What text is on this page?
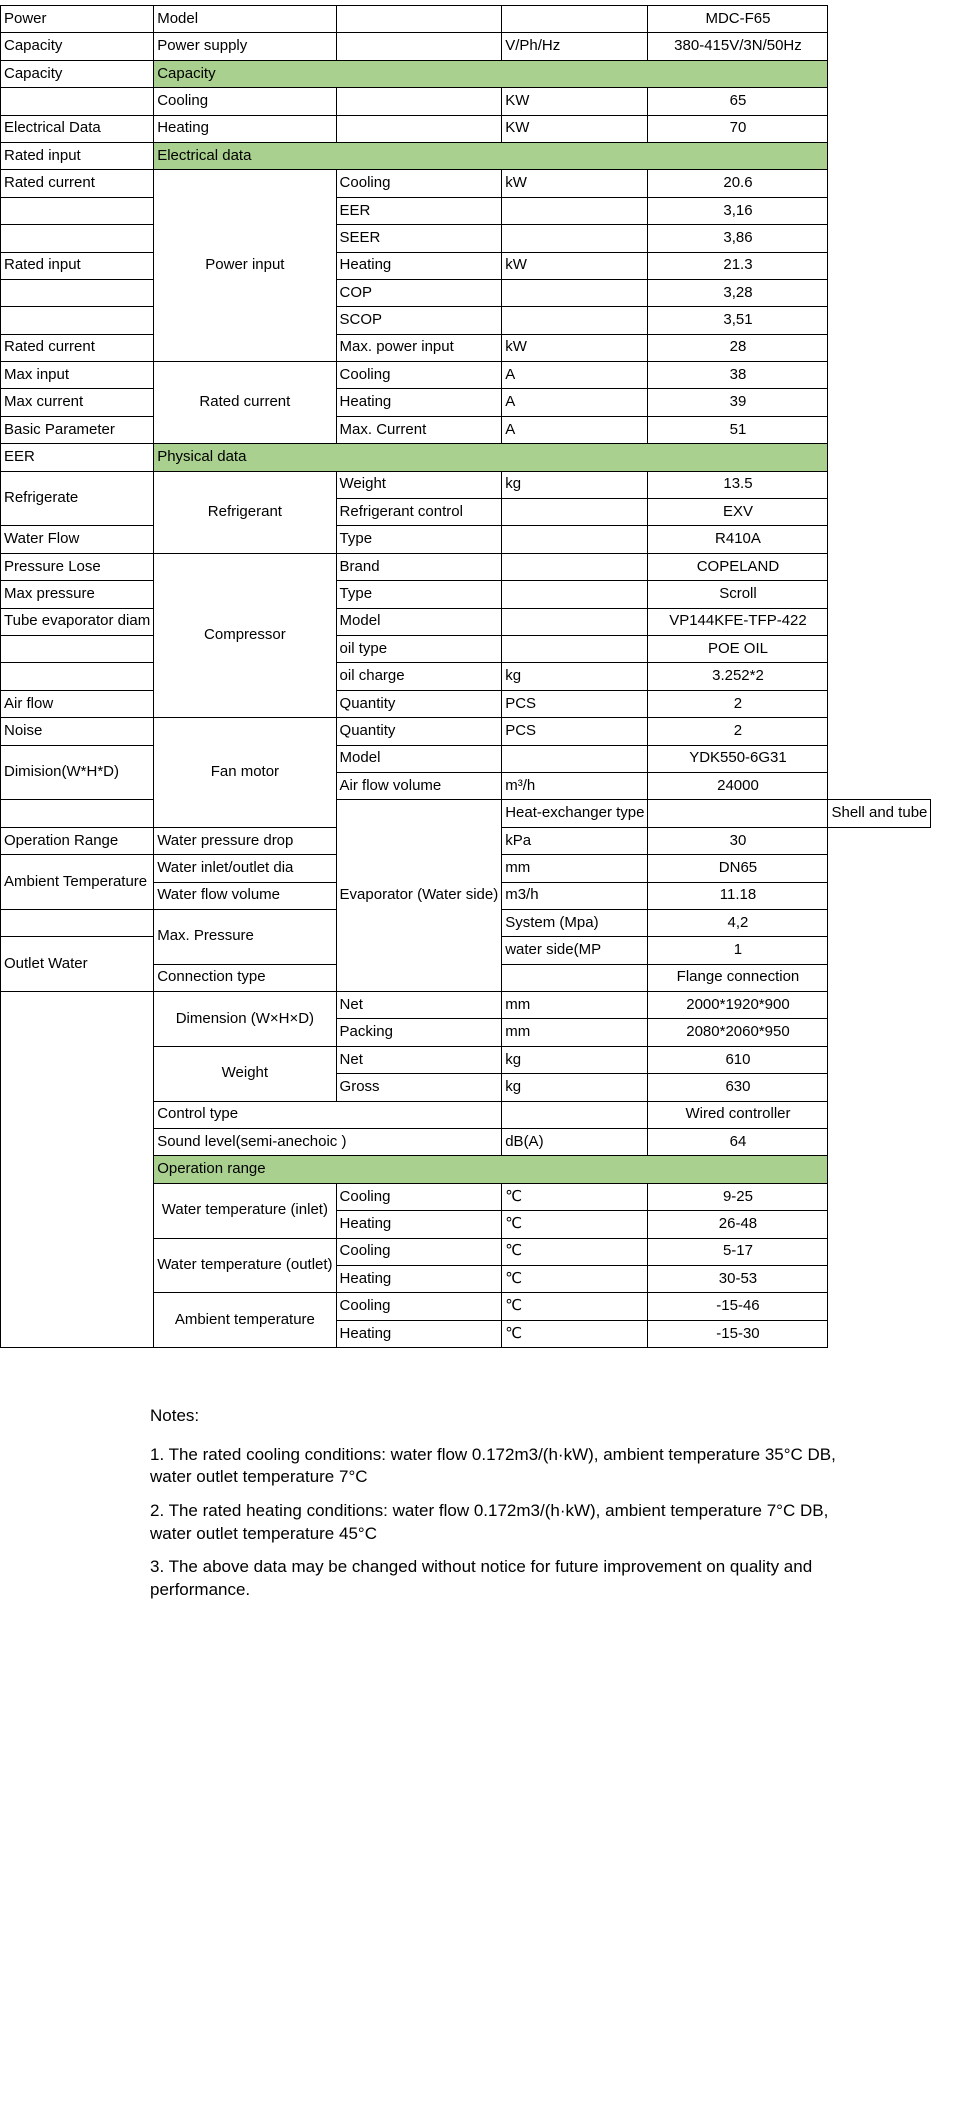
Power	Model			MDC-F65	
Capacity	Power supply		V/Ph/Hz	380-415V/3N/50Hz	
Capacity	Capacity				
	Cooling		KW	65	
Electrical Data	Heating		KW	70	
Rated input	Electrical data				
Rated current	Power input	Cooling	kW	20.6	
		EER		3,16	
		SEER		3,86	
Rated input		Heating	kW	21.3	
		COP		3,28	
		SCOP		3,51	
Rated current		Max. power input	kW	28	
Max input	Rated current	Cooling	A	38	
Max current		Heating	A	39	
Basic Parameter		Max. Current	A	51	
EER	Physical data				
Refrigerate	Refrigerant	Weight	kg	13.5	
		Refrigerant control		EXV	
Water Flow		Type		R410A	
Pressure Lose	Compressor	Brand		COPELAND	
Max pressure		Type		Scroll	
Tube evaporator diam		Model		VP144KFE-TFP-422	
		oil type		POE OIL	
		oil charge	kg	3.252*2	
Air flow		Quantity	PCS	2	
Noise	Fan motor	Quantity	PCS	2	
Dimision(W*H*D)		Model		YDK550-6G31	
		Air flow volume	m³/h	24000	
		Evaporator (Water side)	Heat-exchanger type		Shell and tube
Operation Range	Water pressure drop		kPa	30	
Ambient Temperature	Water inlet/outlet dia		mm	DN65	
	Water flow volume		m3/h	11.18	
	Max. Pressure		System (Mpa)	4,2	
Outlet Water			water side(MP	1	
	Connection type			Flange connection	
	Dimension (W×H×D)	Net	mm	2000*1920*900	
		Packing	mm	2080*2060*950	
	Weight	Net	kg	610	
		Gross	kg	630	
	Control type			Wired controller	
	Sound level(semi-anechoic )		dB(A)	64	
	Operation range				
	Water temperature (inlet)	Cooling	℃	9-25	
		Heating	℃	26-48	
	Water temperature (outlet)	Cooling	℃	5-17	
		Heating	℃	30-53	
	Ambient temperature	Cooling	℃	-15-46	
		Heating	℃	-15-30	

Notes:

1. The rated cooling conditions: water flow 0.172m3/(h·kW), ambient temperature 35°C DB, water outlet temperature 7°C

2. The rated heating conditions: water flow 0.172m3/(h·kW), ambient temperature 7°C DB, water outlet temperature 45°C

3. The above data may be changed without notice for future improvement on quality and performance.
